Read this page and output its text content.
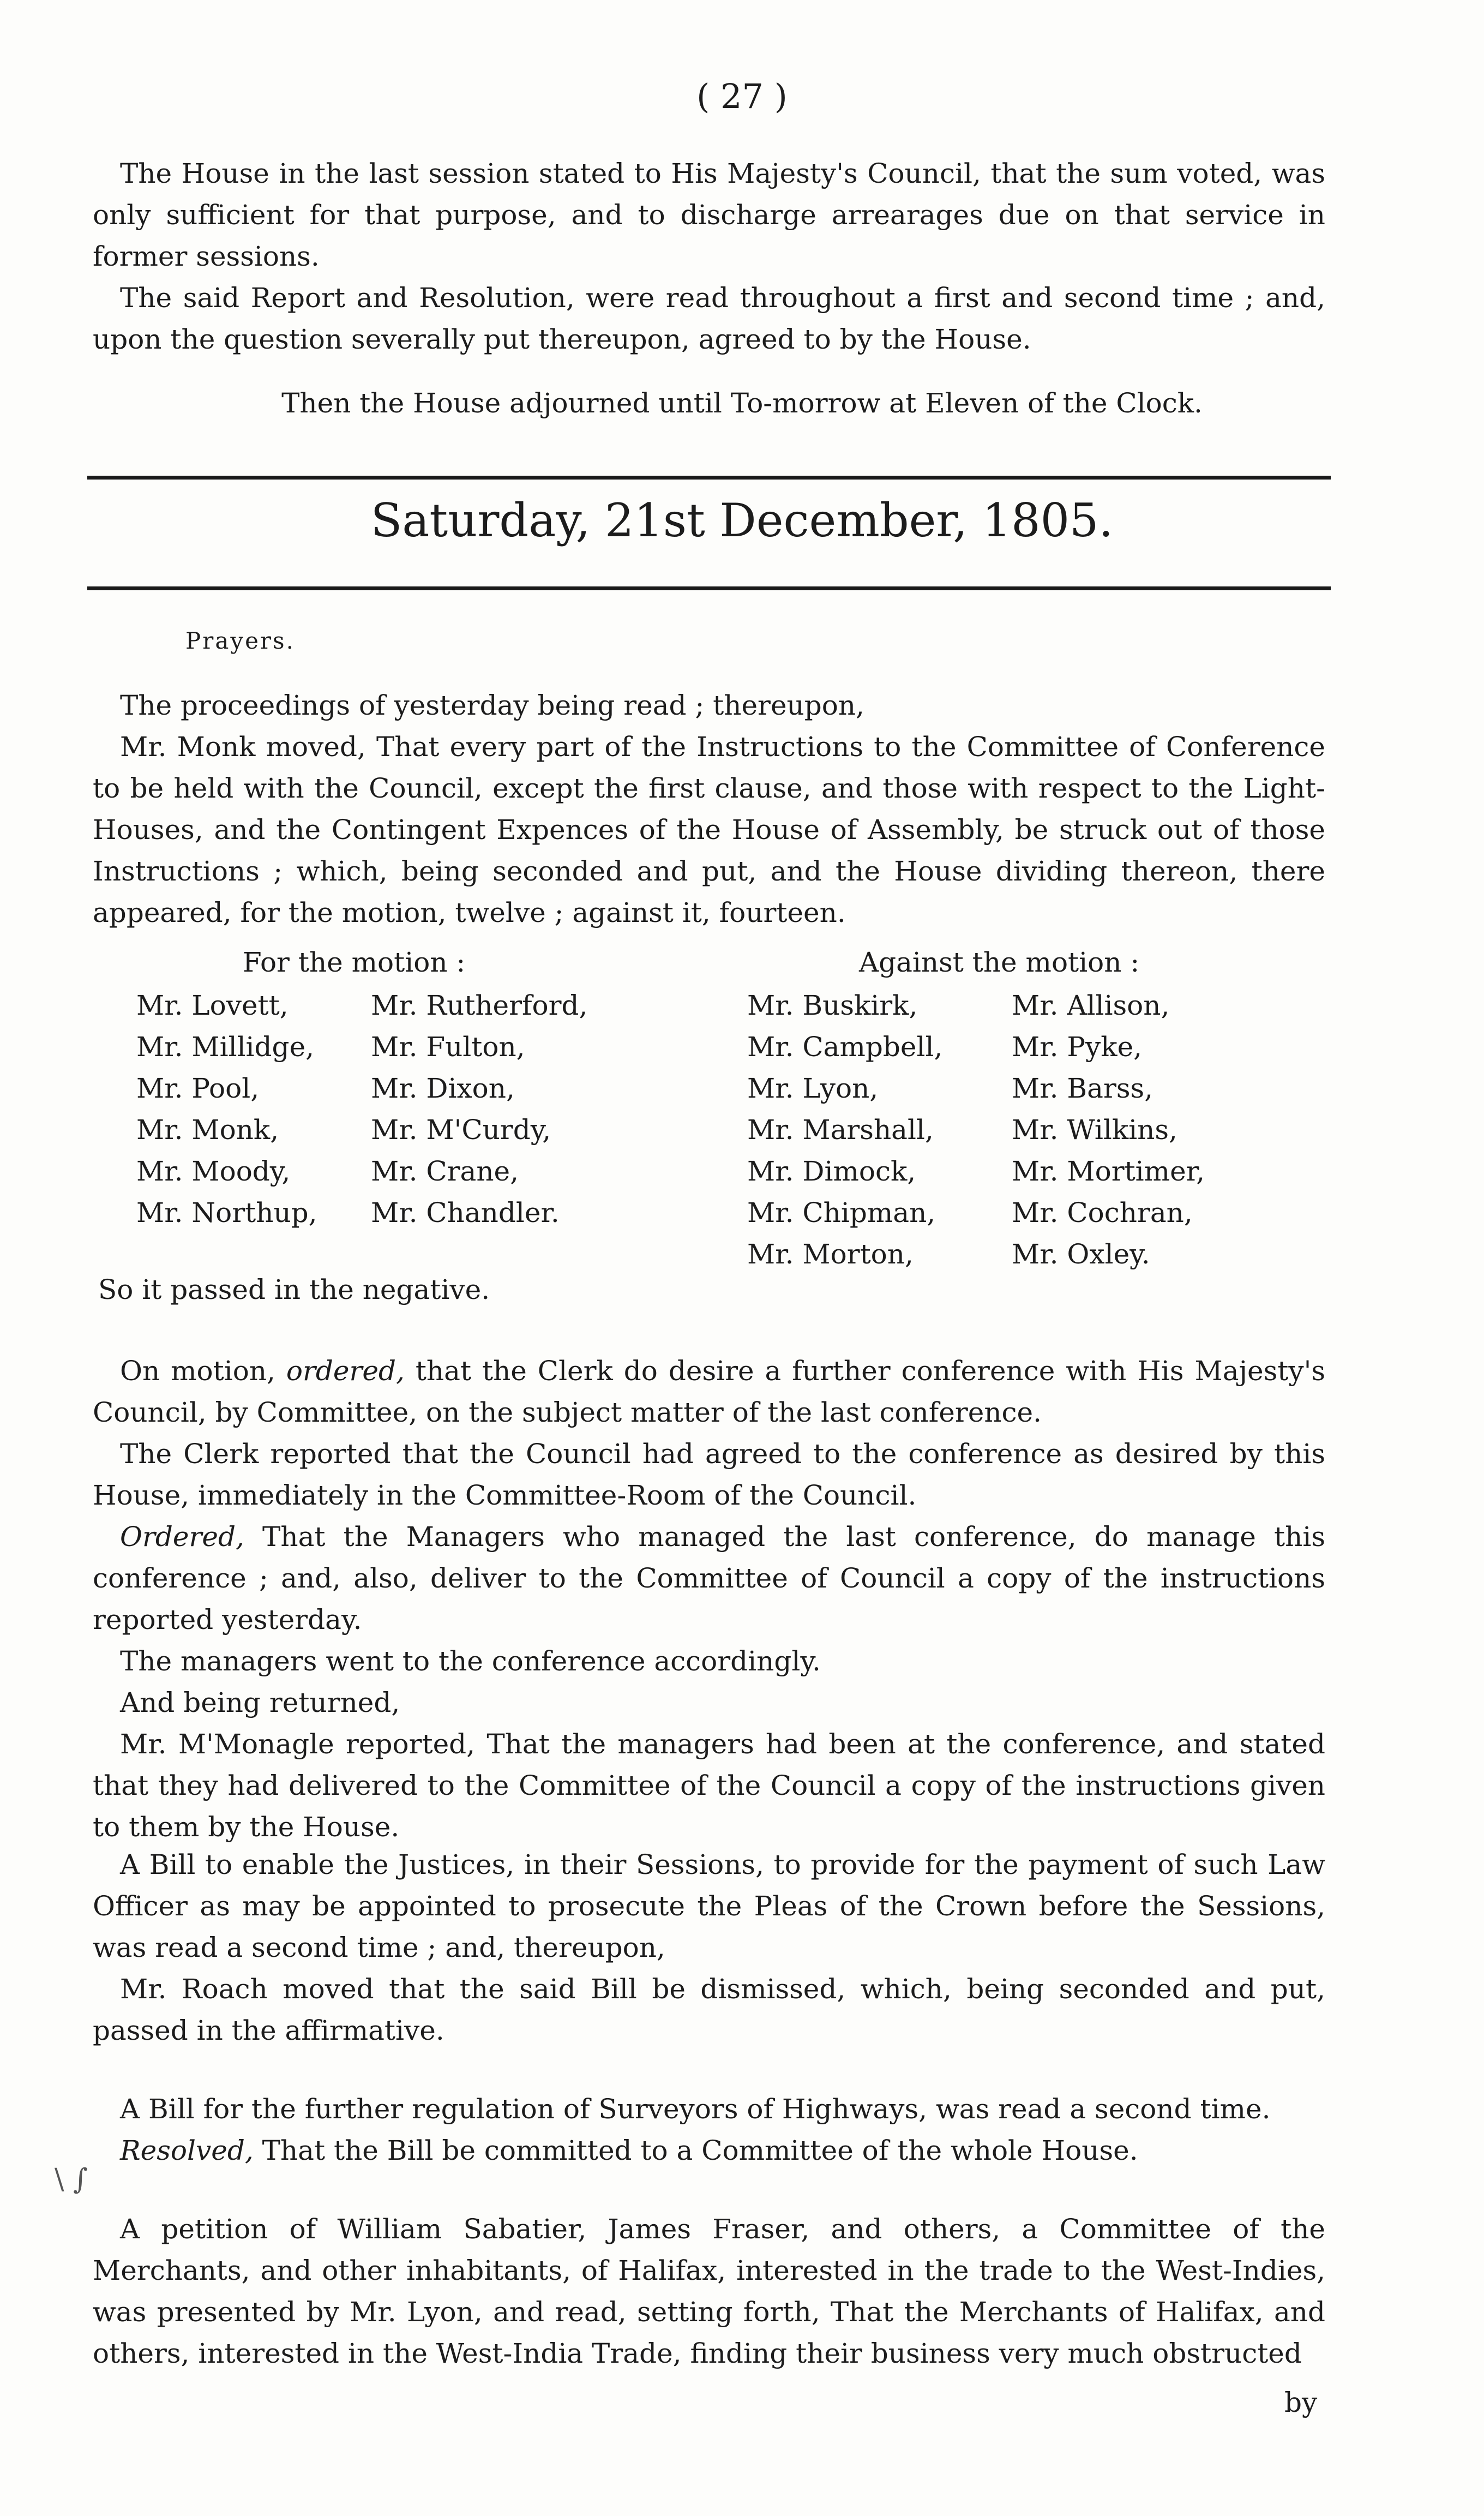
( 27 )
The House in the last session stated to His Majesty's Council, that the sum voted, was only sufficient for that purpose, and to discharge arrearages due on that service in former sessions.
The said Report and Resolution, were read throughout a first and second time ; and, upon the question severally put thereupon, agreed to by the House.
Then the House adjourned until To-morrow at Eleven of the Clock.
Saturday, 21st December, 1805.
Prayers.
The proceedings of yesterday being read ; thereupon,
Mr. Monk moved, That every part of the Instructions to the Committee of Conference to be held with the Council, except the first clause, and those with respect to the Light-Houses, and the Contingent Expences of the House of Assembly, be struck out of those Instructions ; which, being seconded and put, and the House dividing thereon, there appeared, for the motion, twelve ; against it, fourteen.
For the motion :	Against the motion :
Mr. Lovett,
Mr. Millidge,
Mr. Pool,
Mr. Monk,
Mr. Moody,
Mr. Northup,
Mr. Rutherford,
Mr. Fulton,
Mr. Dixon,
Mr. M'Curdy,
Mr. Crane,
Mr. Chandler.
Mr. Buskirk,
Mr. Campbell,
Mr. Lyon,
Mr. Marshall,
Mr. Dimock,
Mr. Chipman,
Mr. Morton,
Mr. Allison,
Mr. Pyke,
Mr. Barss,
Mr. Wilkins,
Mr. Mortimer,
Mr. Cochran,
Mr. Oxley.
So it passed in the negative.
On motion, ordered, that the Clerk do desire a further conference with His Majesty's Council, by Committee, on the subject matter of the last conference.
The Clerk reported that the Council had agreed to the conference as desired by this House, immediately in the Committee-Room of the Council.
Ordered, That the Managers who managed the last conference, do manage this conference ; and, also, deliver to the Committee of Council a copy of the instructions reported yesterday.
The managers went to the conference accordingly.
And being returned,
Mr. M'Monagle reported, That the managers had been at the conference, and stated that they had delivered to the Committee of the Council a copy of the instructions given to them by the House.
A Bill to enable the Justices, in their Sessions, to provide for the payment of such Law Officer as may be appointed to prosecute the Pleas of the Crown before the Sessions, was read a second time ; and, thereupon,
Mr. Roach moved that the said Bill be dismissed, which, being seconded and put, passed in the affirmative.
A Bill for the further regulation of Surveyors of Highways, was read a second time.
Resolved, That the Bill be committed to a Committee of the whole House.
\ ∫
A petition of William Sabatier, James Fraser, and others, a Committee of the Merchants, and other inhabitants, of Halifax, interested in the trade to the West-Indies, was presented by Mr. Lyon, and read, setting forth, That the Merchants of Halifax, and others, interested in the West-India Trade, finding their business very much obstructed
by
